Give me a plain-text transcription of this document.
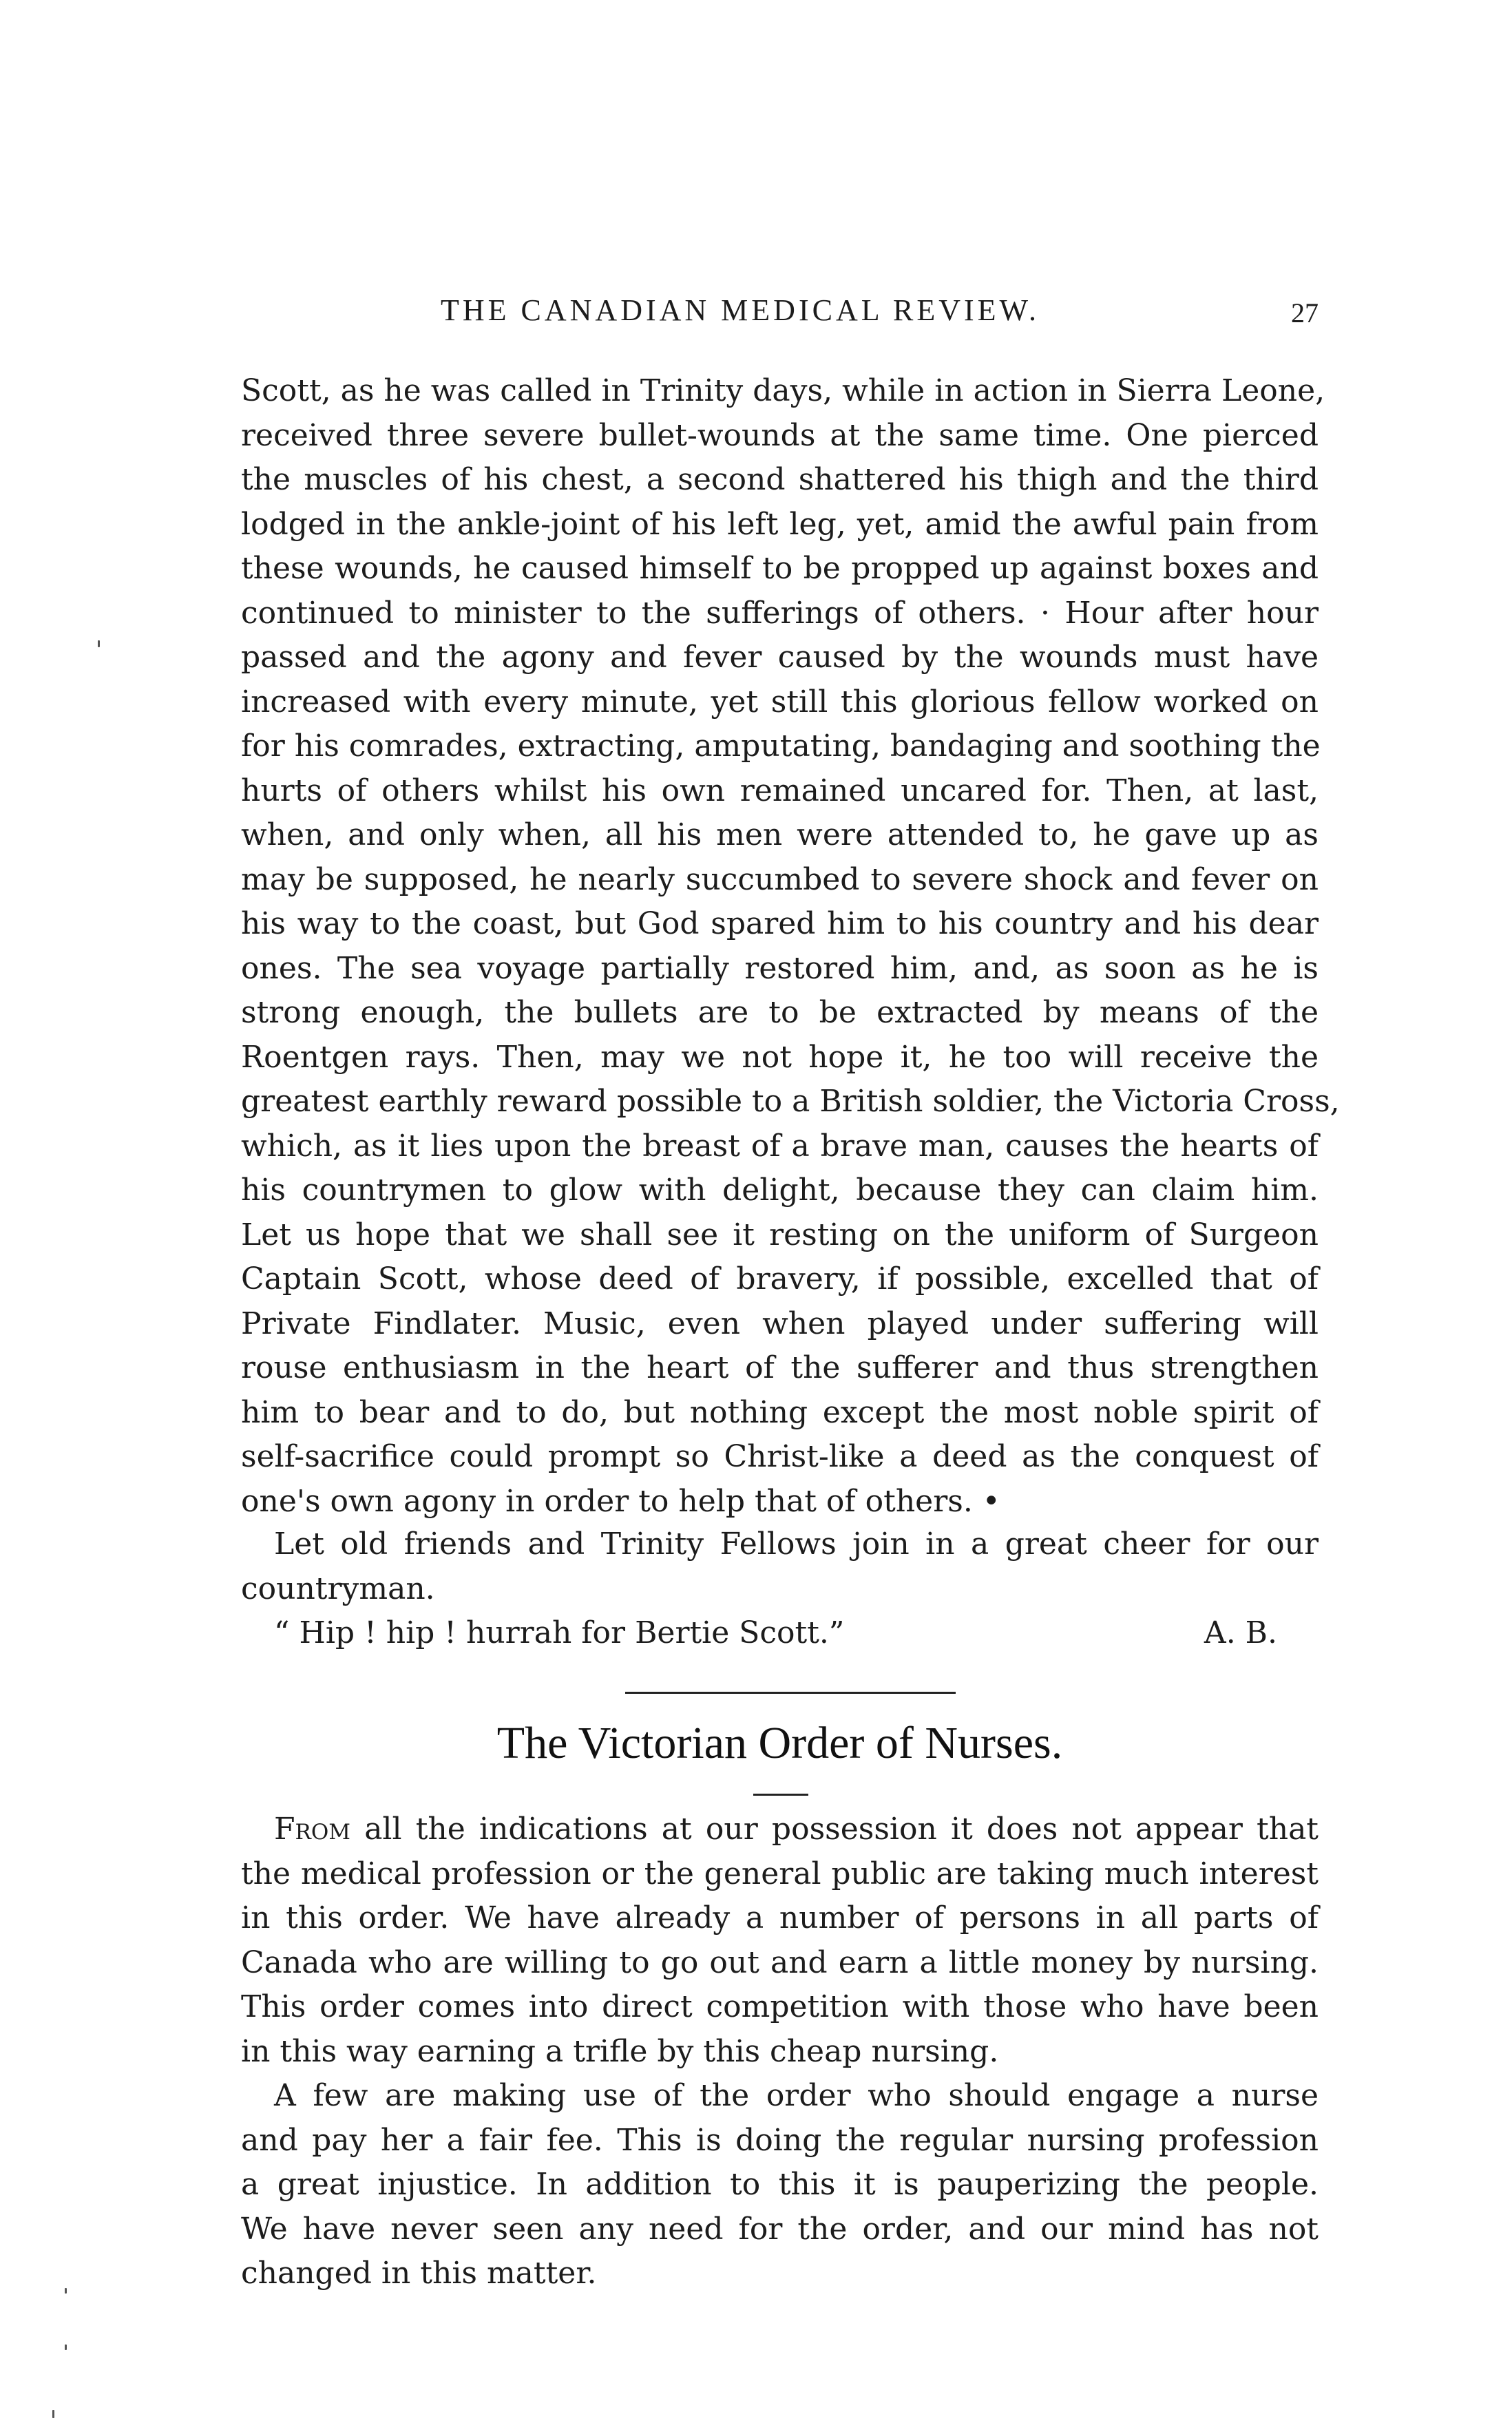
THE CANADIAN MEDICAL REVIEW.	27
Scott, as he was called in Trinity days, while in action in Sierra Leone,
received three severe bullet-wounds at the same time. One pierced
the muscles of his chest, a second shattered his thigh and the third
lodged in the ankle-joint of his left leg, yet, amid the awful pain from
these wounds, he caused himself to be propped up against boxes and
continued to minister to the sufferings of others. · Hour after hour
passed and the agony and fever caused by the wounds must have
increased with every minute, yet still this glorious fellow worked on
for his comrades, extracting, amputating, bandaging and soothing the
hurts of others whilst his own remained uncared for. Then, at last,
when, and only when, all his men were attended to, he gave up as
may be supposed, he nearly succumbed to severe shock and fever on
his way to the coast, but God spared him to his country and his dear
ones. The sea voyage partially restored him, and, as soon as he is
strong enough, the bullets are to be extracted by means of the
Roentgen rays. Then, may we not hope it, he too will receive the
greatest earthly reward possible to a British soldier, the Victoria Cross,
which, as it lies upon the breast of a brave man, causes the hearts of
his countrymen to glow with delight, because they can claim him.
Let us hope that we shall see it resting on the uniform of Surgeon
Captain Scott, whose deed of bravery, if possible, excelled that of
Private Findlater. Music, even when played under suffering will
rouse enthusiasm in the heart of the sufferer and thus strengthen
him to bear and to do, but nothing except the most noble spirit of
self-sacrifice could prompt so Christ-like a deed as the conquest of
one's own agony in order to help that of others. •
Let old friends and Trinity Fellows join in a great cheer for our
countryman.
“ Hip ! hip ! hurrah for Bertie Scott.”	A. B.
The Victorian Order of Nurses.
From all the indications at our possession it does not appear that
the medical profession or the general public are taking much interest
in this order. We have already a number of persons in all parts of
Canada who are willing to go out and earn a little money by nursing.
This order comes into direct competition with those who have been
in this way earning a trifle by this cheap nursing.
A few are making use of the order who should engage a nurse
and pay her a fair fee. This is doing the regular nursing profession
a great injustice. In addition to this it is pauperizing the people.
We have never seen any need for the order, and our mind has not
changed in this matter.
